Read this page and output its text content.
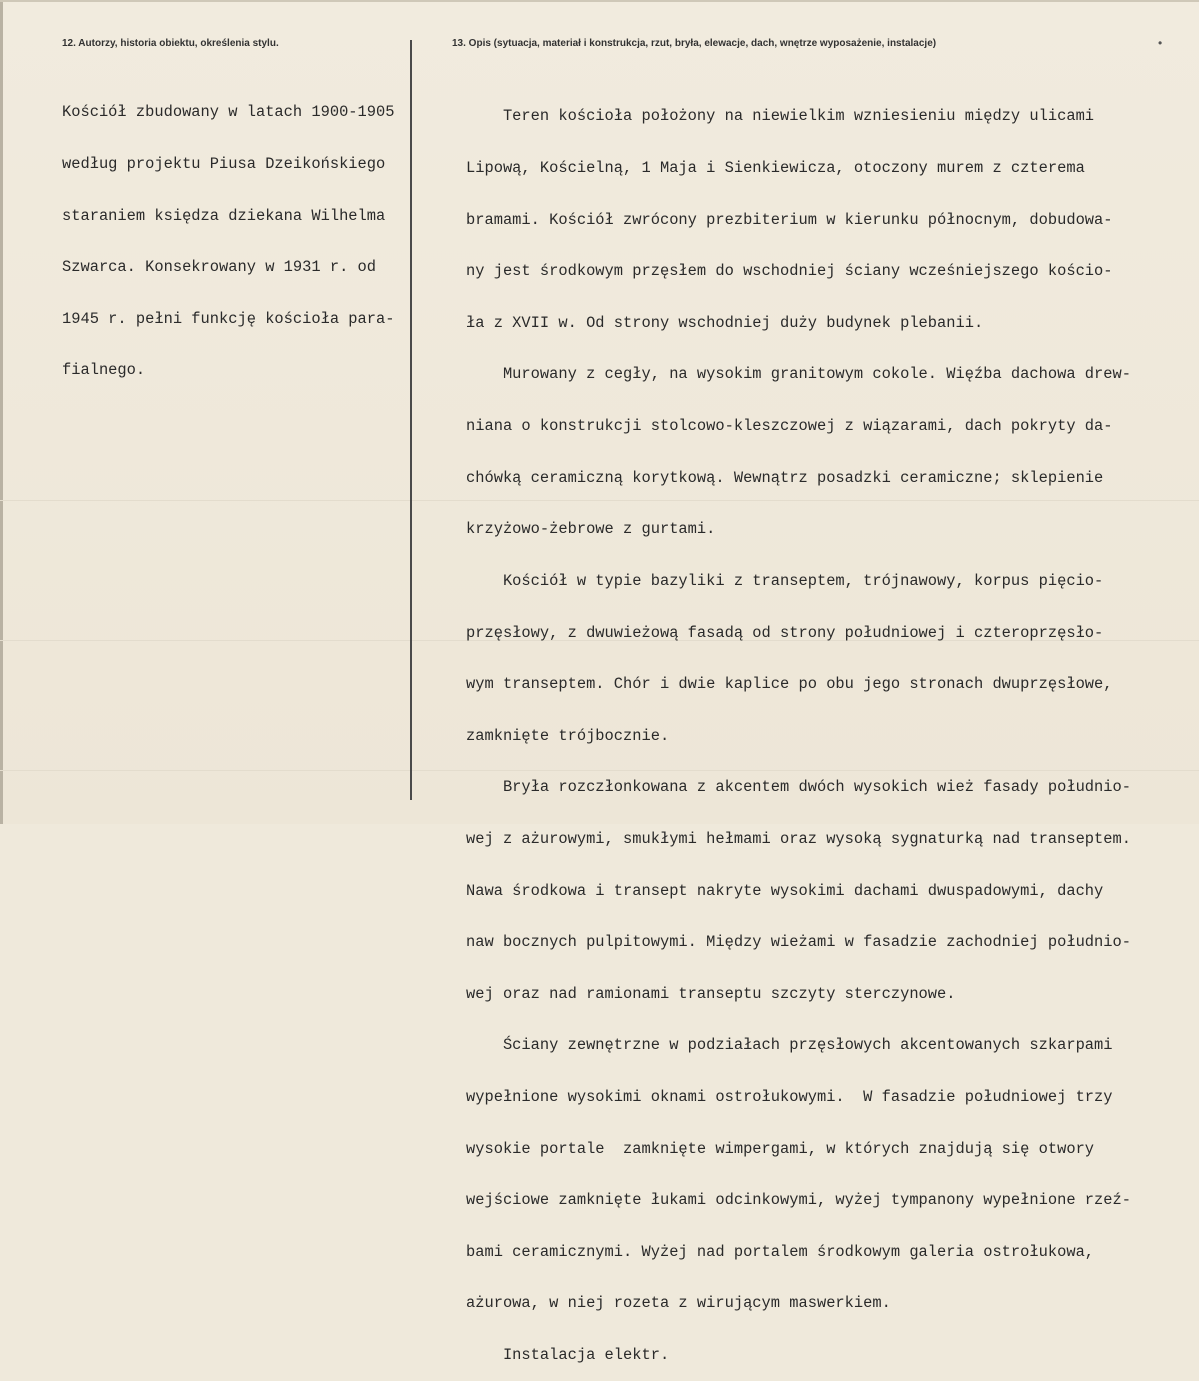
12. Autorzy, historia obiektu, określenia stylu.	13. Opis (sytuacja, materiał i konstrukcja, rzut, bryła, elewacje, dach, wnętrze wyposażenie, instalacje)	•

Kościół zbudowany w latach 1900-1905

według projektu Piusa Dzeikońskiego

staraniem księdza dziekana Wilhelma

Szwarca. Konsekrowany w 1931 r. od

1945 r. pełni funkcję kościoła para-

fialnego.

Teren kościoła położony na niewielkim wzniesieniu między ulicami

Lipową, Kościelną, 1 Maja i Sienkiewicza, otoczony murem z czterema

bramami. Kościół zwrócony prezbiterium w kierunku północnym, dobudowa-

ny jest środkowym przęsłem do wschodniej ściany wcześniejszego kościo-

ła z XVII w. Od strony wschodniej duży budynek plebanii.

Murowany z cegły, na wysokim granitowym cokole. Więźba dachowa drew-

niana o konstrukcji stolcowo-kleszczowej z wiązarami, dach pokryty da-

chówką ceramiczną korytkową. Wewnątrz posadzki ceramiczne; sklepienie

krzyżowo-żebrowe z gurtami.

Kościół w typie bazyliki z transeptem, trójnawowy, korpus pięcio-

przęsłowy, z dwuwieżową fasadą od strony południowej i czteroprzęsło-

wym transeptem. Chór i dwie kaplice po obu jego stronach dwuprzęsłowe,

zamknięte trójbocznie.

Bryła rozczłonkowana z akcentem dwóch wysokich wież fasady południo-

wej z ażurowymi, smukłymi hełmami oraz wysoką sygnaturką nad transeptem.

Nawa środkowa i transept nakryte wysokimi dachami dwuspadowymi, dachy

naw bocznych pulpitowymi. Między wieżami w fasadzie zachodniej południo-

wej oraz nad ramionami transeptu szczyty sterczynowe.

Ściany zewnętrzne w podziałach przęsłowych akcentowanych szkarpami

wypełnione wysokimi oknami ostrołukowymi.  W fasadzie południowej trzy

wysokie portale  zamknięte wimpergami, w których znajdują się otwory

wejściowe zamknięte łukami odcinkowymi, wyżej tympanony wypełnione rzeź-

bami ceramicznymi. Wyżej nad portalem środkowym galeria ostrołukowa,

ażurowa, w niej rozeta z wirującym maswerkiem.

Instalacja elektr.
